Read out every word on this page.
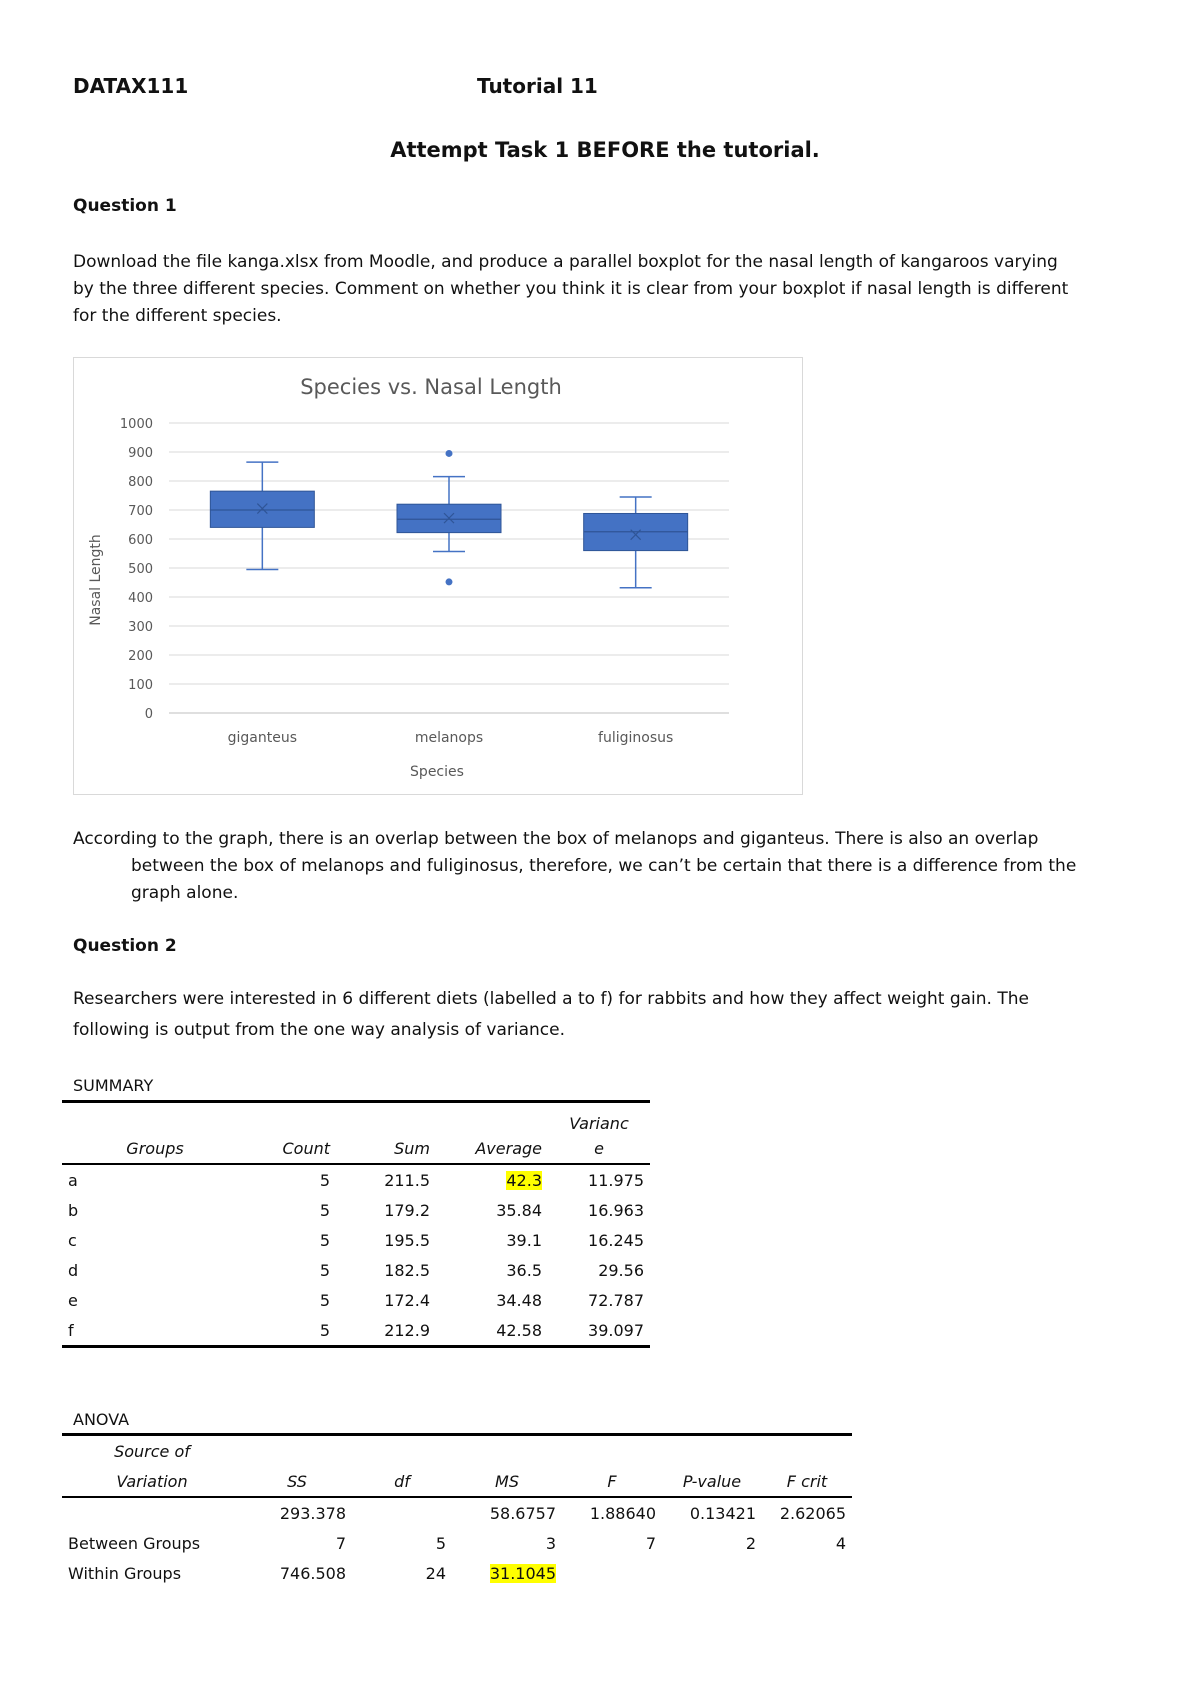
DATAX111	Tutorial 11
Attempt Task 1 BEFORE the tutorial.
Question 1
Download the file kanga.xlsx from Moodle, and produce a parallel boxplot for the nasal length of kangaroos varying
by the three different species. Comment on whether you think it is clear from your boxplot if nasal length is different
for the different species.
Species vs. Nasal Length
0
100
200
300
400
500
600
700
800
900
1000
Nasal Length
Species
giganteus	melanops	fuliginosus
According to the graph, there is an overlap between the box of melanops and giganteus. There is also an overlap
between the box of melanops and fuliginosus, therefore, we can’t be certain that there is a difference from the
graph alone.
Question 2
Researchers were interested in 6 different diets (labelled a to f) for rabbits and how they affect weight gain. The
following is output from the one way analysis of variance.
SUMMARY
				Varianc
Groups	Count	Sum	Average	e
a	5	211.5	42.3	11.975
b	5	179.2	35.84	16.963
c	5	195.5	39.1	16.245
d	5	182.5	36.5	29.56
e	5	172.4	34.48	72.787
f	5	212.9	42.58	39.097
ANOVA
Source of						
Variation	SS	df	MS	F	P-value	F crit
	293.378		58.6757	1.88640	0.13421	2.62065
Between Groups	7	5	3	7	2	4
Within Groups	746.508	24	31.1045			
